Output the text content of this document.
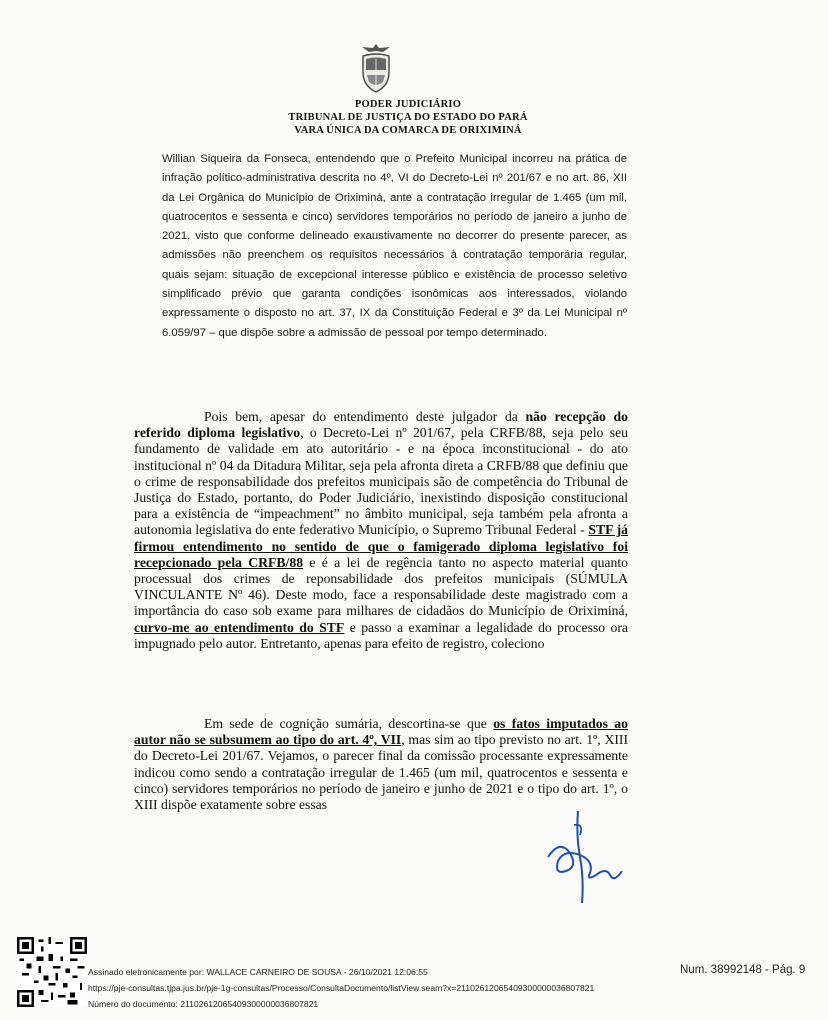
PODER JUDICIÁRIO
TRIBUNAL DE JUSTIÇA DO ESTADO DO PARÁ
VARA ÚNICA DA COMARCA DE ORIXIMINÁ
Willian Siqueira da Fonseca, entendendo que o Prefeito Municipal incorreu na prática de infração político-administrativa descrita no 4º, VI do Decreto-Lei nº 201/67 e no art. 86, XII da Lei Orgânica do Município de Oriximiná, ante a contratação irregular de 1.465 (um mil, quatrocentos e sessenta e cinco) servidores temporários no período de janeiro a junho de 2021, visto que conforme delineado exaustivamente no decorrer do presente parecer, as admissões não preenchem os requisitos necessários à contratação temporária regular, quais sejam: situação de excepcional interesse público e existência de processo seletivo simplificado prévio que garanta condições isonômicas aos interessados, violando expressamente o disposto no art. 37, IX da Constituição Federal e 3º da Lei Municipal nº 6.059/97 – que dispõe sobre a admissão de pessoal por tempo determinado.
Pois bem, apesar do entendimento deste julgador da não recepção do referido diploma legislativo, o Decreto-Lei nº 201/67, pela CRFB/88, seja pelo seu fundamento de validade em ato autoritário - e na época inconstitucional - do ato institucional nº 04 da Ditadura Militar, seja pela afronta direta a CRFB/88 que definiu que o crime de responsabilidade dos prefeitos municipais são de competência do Tribunal de Justiça do Estado, portanto, do Poder Judiciário, inexistindo disposição constitucional para a existência de “impeachment” no âmbito municipal, seja também pela afronta a autonomia legislativa do ente federativo Município, o Supremo Tribunal Federal - STF já firmou entendimento no sentido de que o famigerado diploma legislativo foi recepcionado pela CRFB/88 e é a lei de regência tanto no aspecto material quanto processual dos crimes de reponsabilidade dos prefeitos municipais (SÚMULA VINCULANTE Nº 46). Deste modo, face a responsabilidade deste magistrado com a importância do caso sob exame para milhares de cidadãos do Município de Oriximiná, curvo-me ao entendimento do STF e passo a examinar a legalidade do processo ora impugnado pelo autor. Entretanto, apenas para efeito de registro, coleciono
Em sede de cognição sumária, descortina-se que os fatos imputados ao autor não se subsumem ao tipo do art. 4º, VII, mas sim ao tipo previsto no art. 1º, XIII do Decreto-Lei 201/67. Vejamos, o parecer final da comissão processante expressamente indicou como sendo a contratação irregular de 1.465 (um mil, quatrocentos e sessenta e cinco) servidores temporários no período de janeiro e junho de 2021 e o tipo do art. 1º, o XIII dispõe exatamente sobre essas
Assinado eletronicamente por: WALLACE CARNEIRO DE SOUSA - 26/10/2021 12:06:55
https://pje-consultas.tjpa.jus.br/pje-1g-consultas/Processo/ConsultaDocumento/listView.seam?x=21102612065409300000036807821
Número do documento: 21102612065409300000036807821
Num. 38992148 - Pág. 9
